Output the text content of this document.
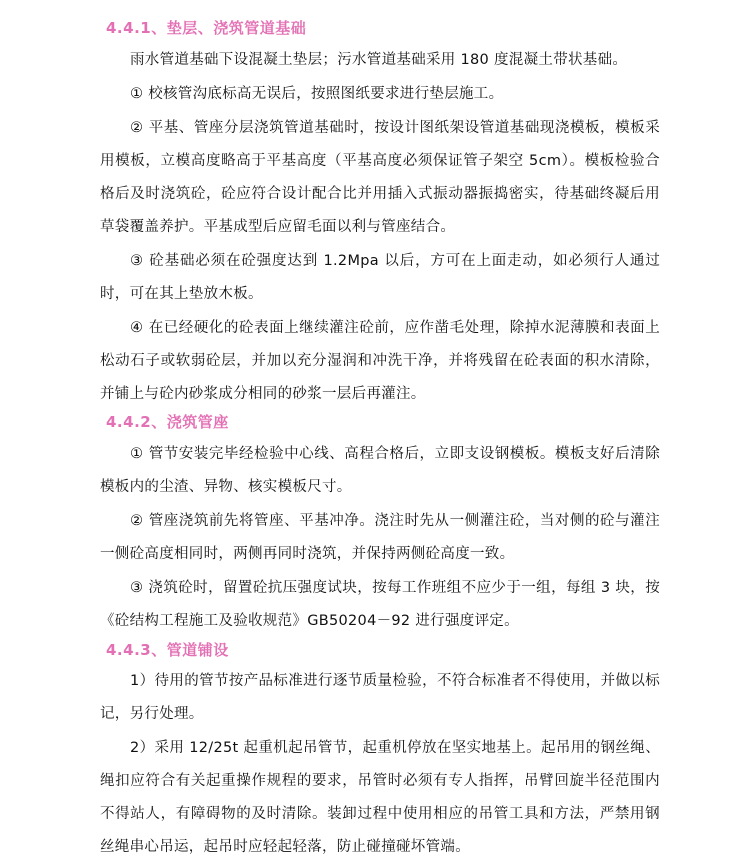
4.4.1、垫层、浇筑管道基础
雨水管道基础下设混凝土垫层；污水管道基础采用 180 度混凝土带状基础。
① 校核管沟底标高无误后，按照图纸要求进行垫层施工。
② 平基、管座分层浇筑管道基础时，按设计图纸架设管道基础现浇模板，模板采用模板，立模高度略高于平基高度（平基高度必须保证管子架空 5cm）。模板检验合格后及时浇筑砼，砼应符合设计配合比并用插入式振动器振捣密实，待基础终凝后用草袋覆盖养护。平基成型后应留毛面以利与管座结合。
③ 砼基础必须在砼强度达到 1.2Mpa 以后，方可在上面走动，如必须行人通过时，可在其上垫放木板。
④ 在已经硬化的砼表面上继续灌注砼前，应作凿毛处理，除掉水泥薄膜和表面上松动石子或软弱砼层，并加以充分湿润和冲洗干净，并将残留在砼表面的积水清除，并铺上与砼内砂浆成分相同的砂浆一层后再灌注。
4.4.2、浇筑管座
① 管节安装完毕经检验中心线、高程合格后，立即支设钢模板。模板支好后清除模板内的尘渣、异物、核实模板尺寸。
② 管座浇筑前先将管座、平基冲净。浇注时先从一侧灌注砼，当对侧的砼与灌注一侧砼高度相同时，两侧再同时浇筑，并保持两侧砼高度一致。
③ 浇筑砼时，留置砼抗压强度试块，按每工作班组不应少于一组，每组 3 块，按《砼结构工程施工及验收规范》GB50204－92 进行强度评定。
4.4.3、管道铺设
1）待用的管节按产品标准进行逐节质量检验，不符合标准者不得使用，并做以标记，另行处理。
2）采用 12/25t 起重机起吊管节，起重机停放在坚实地基上。起吊用的钢丝绳、绳扣应符合有关起重操作规程的要求，吊管时必须有专人指挥，吊臂回旋半径范围内不得站人，有障碍物的及时清除。装卸过程中使用相应的吊管工具和方法，严禁用钢丝绳串心吊运，起吊时应轻起轻落，防止碰撞碰坏管端。
